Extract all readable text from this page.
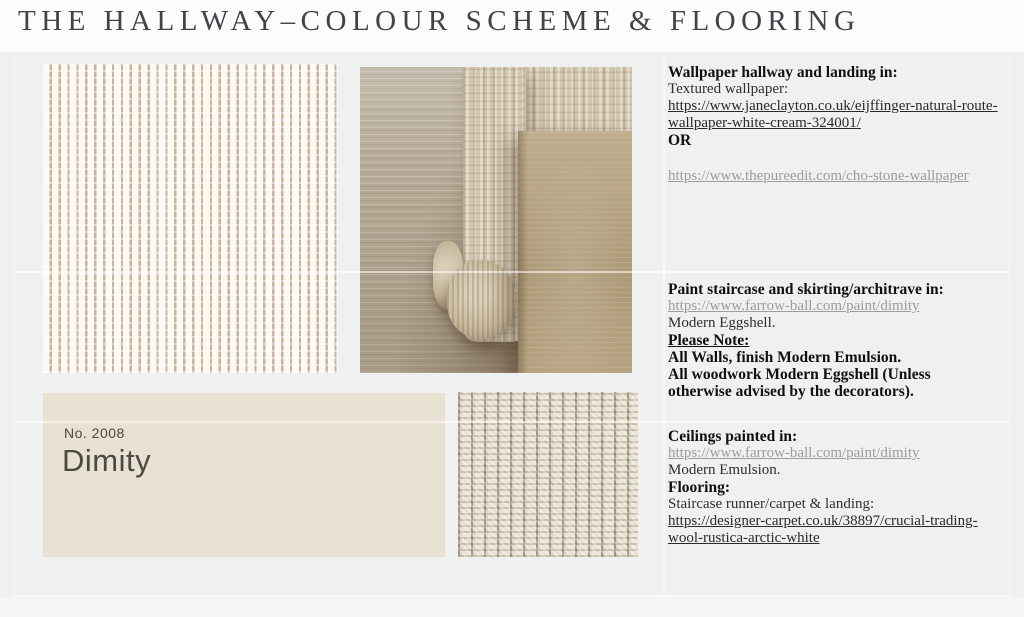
THE HALLWAY–COLOUR SCHEME & FLOORING
No. 2008
Dimity

Wallpaper hallway and landing in:

Textured wallpaper:

https://www.janeclayton.co.uk/eijffinger-natural-route-wallpaper-white-cream-324001/

OR

https://www.thepureedit.com/cho-stone-wallpaper

Paint staircase and skirting/architrave in:

https://www.farrow-ball.com/paint/dimity

Modern Eggshell.

Please Note:

All Walls, finish Modern Emulsion.

All woodwork Modern Eggshell (Unless otherwise advised by the decorators).

Ceilings painted in:

https://www.farrow-ball.com/paint/dimity

Modern Emulsion.

Flooring:

Staircase runner/carpet & landing:

https://designer-carpet.co.uk/38897/crucial-trading-wool-rustica-arctic-white
